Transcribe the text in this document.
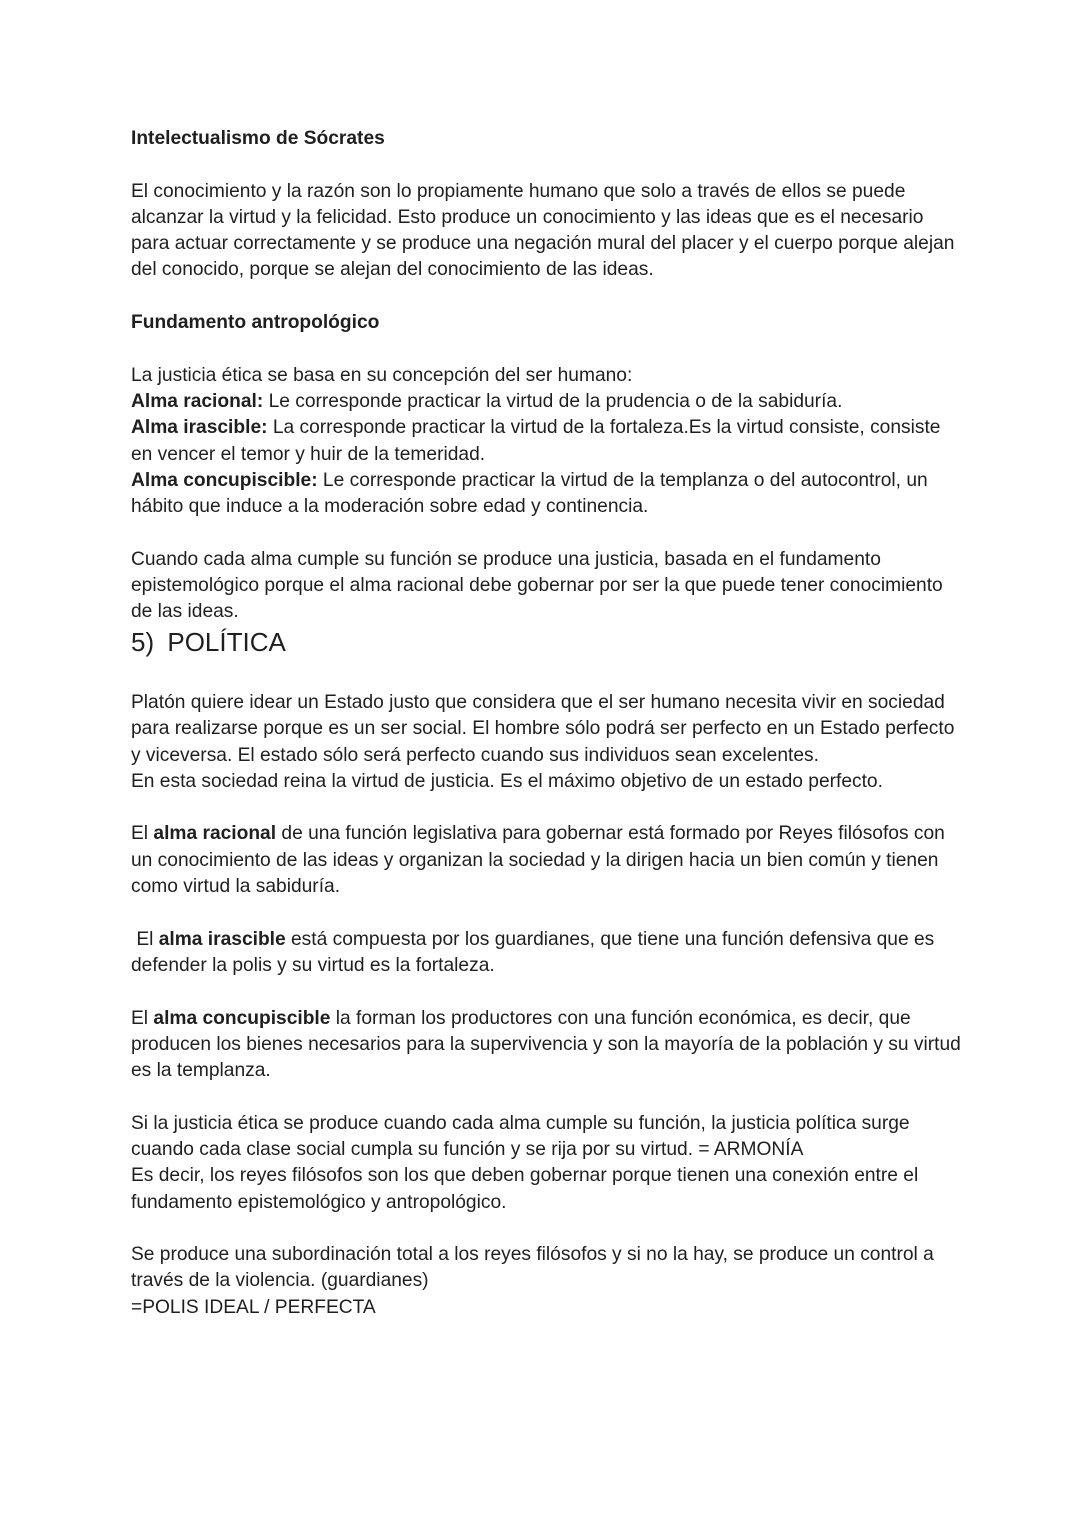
Intelectualismo de Sócrates

El conocimiento y la razón son lo propiamente humano que solo a través de ellos se puede alcanzar la virtud y la felicidad. Esto produce un conocimiento y las ideas que es el necesario para actuar correctamente y se produce una negación mural del placer y el cuerpo porque alejan del conocido, porque se alejan del conocimiento de las ideas.

Fundamento antropológico

La justicia ética se basa en su concepción del ser humano:

Alma racional: Le corresponde practicar la virtud de la prudencia o de la sabiduría.

Alma irascible: La corresponde practicar la virtud de la fortaleza.Es la virtud consiste, consiste en vencer el temor y huir de la temeridad.

Alma concupiscible: Le corresponde practicar la virtud de la templanza o del autocontrol, un hábito que induce a la moderación sobre edad y continencia.

Cuando cada alma cumple su función se produce una justicia, basada en el fundamento epistemológico porque el alma racional debe gobernar por ser la que puede tener conocimiento de las ideas.

5) POLÍTICA

Platón quiere idear un Estado justo que considera que el ser humano necesita vivir en sociedad para realizarse porque es un ser social. El hombre sólo podrá ser perfecto en un Estado perfecto y viceversa. El estado sólo será perfecto cuando sus individuos sean excelentes.

En esta sociedad reina la virtud de justicia. Es el máximo objetivo de un estado perfecto.

El alma racional de una función legislativa para gobernar está formado por Reyes filósofos con un conocimiento de las ideas y organizan la sociedad y la dirigen hacia un bien común y tienen como virtud la sabiduría.

El alma irascible está compuesta por los guardianes, que tiene una función defensiva que es defender la polis y su virtud es la fortaleza.

El alma concupiscible la forman los productores con una función económica, es decir, que producen los bienes necesarios para la supervivencia y son la mayoría de la población y su virtud es la templanza.

Si la justicia ética se produce cuando cada alma cumple su función, la justicia política surge cuando cada clase social cumpla su función y se rija por su virtud. = ARMONÍA

Es decir, los reyes filósofos son los que deben gobernar porque tienen una conexión entre el fundamento epistemológico y antropológico.

Se produce una subordinación total a los reyes filósofos y si no la hay, se produce un control a través de la violencia. (guardianes)

=POLIS IDEAL / PERFECTA
